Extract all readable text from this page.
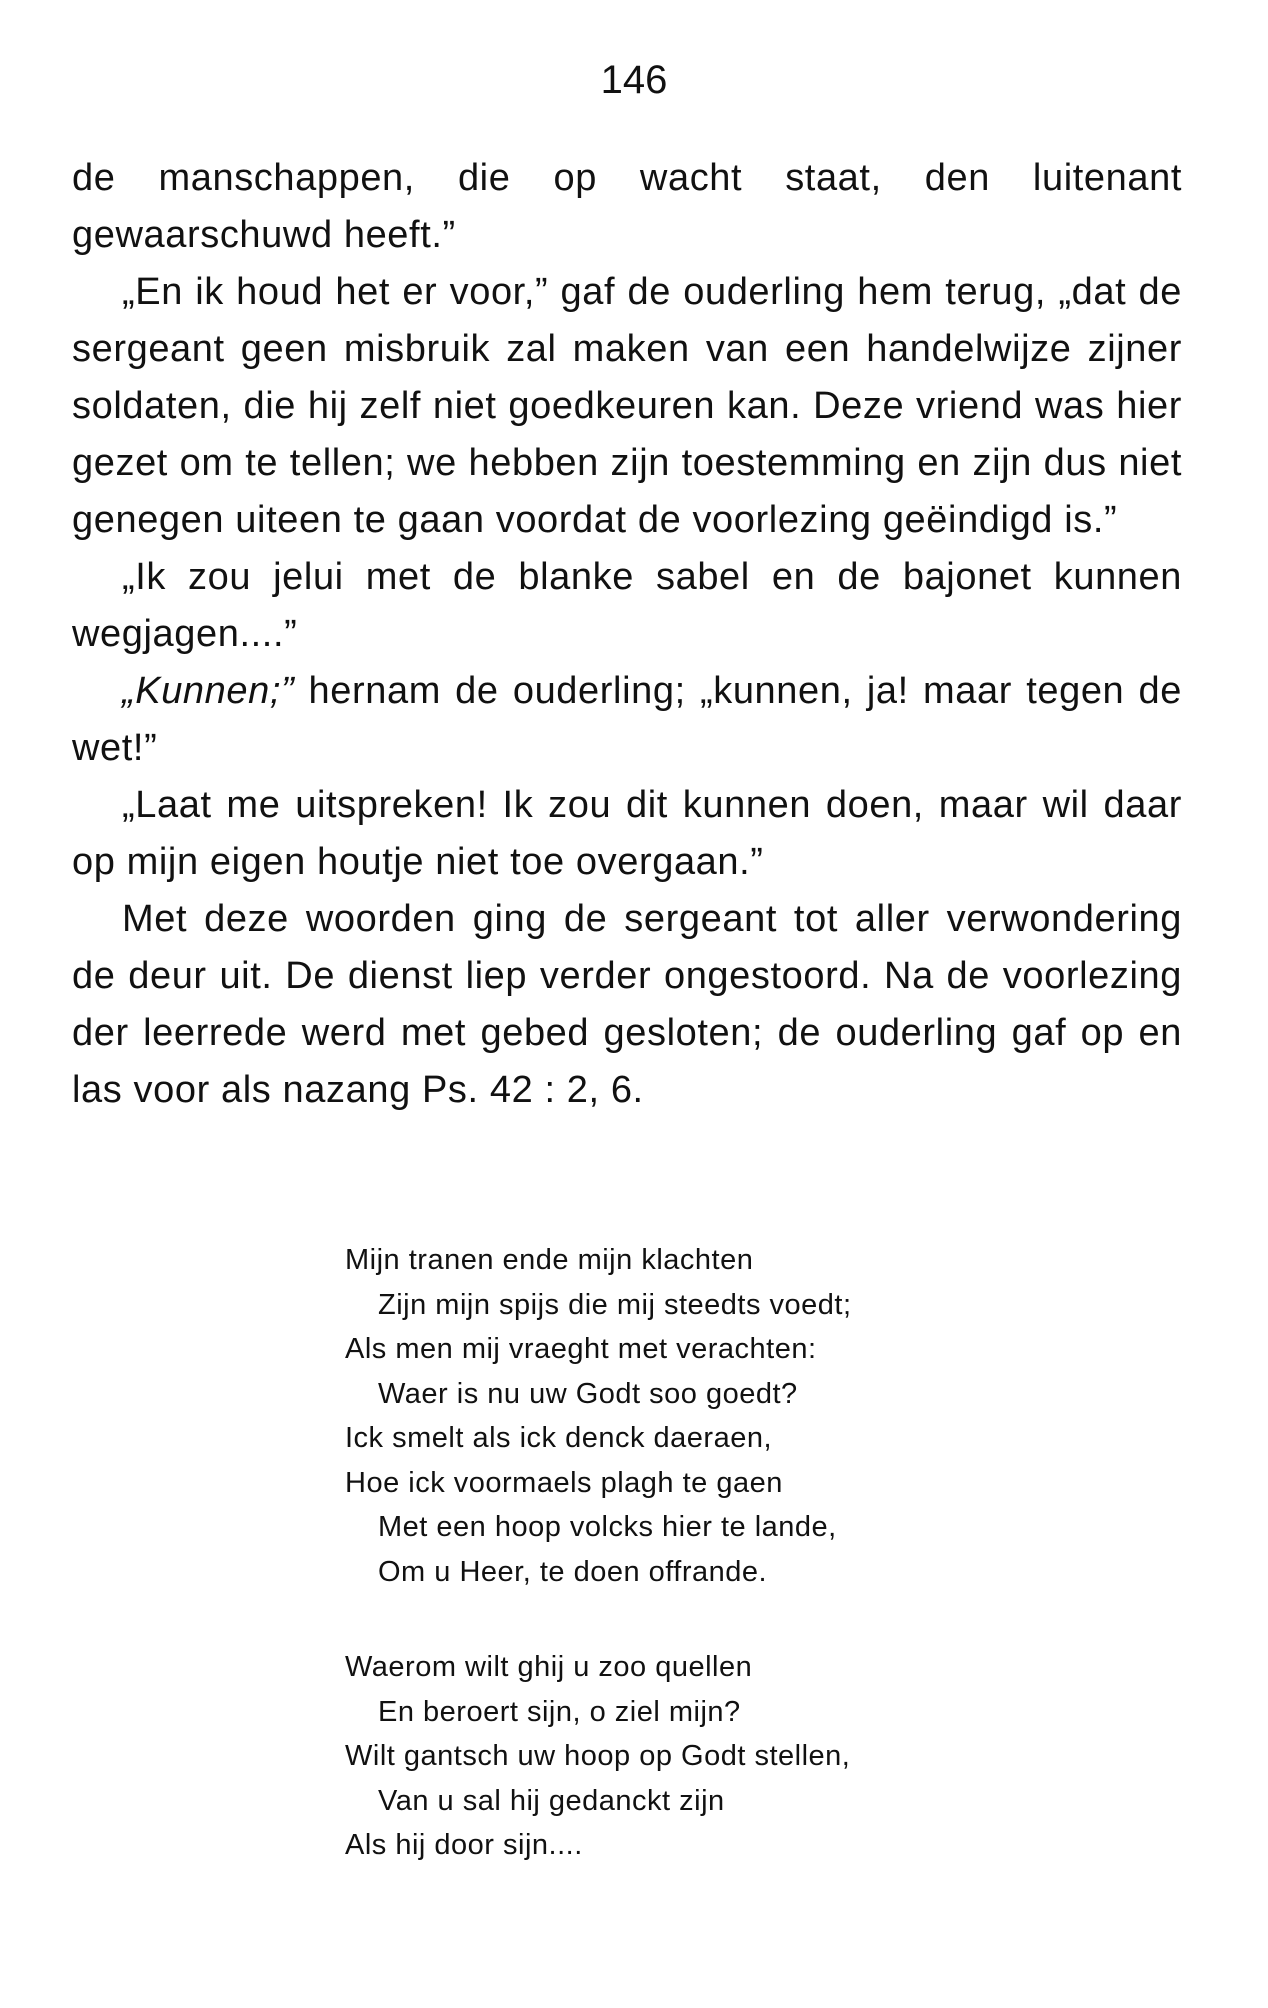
146

de manschappen, die op wacht staat, den luitenant gewaarschuwd heeft.”

„En ik houd het er voor,” gaf de ouderling hem terug, „dat de sergeant geen misbruik zal maken van een handelwijze zijner soldaten, die hij zelf niet goedkeuren kan. Deze vriend was hier gezet om te tellen; we hebben zijn toestemming en zijn dus niet genegen uiteen te gaan voordat de voorlezing geëindigd is.”

„Ik zou jelui met de blanke sabel en de bajonet kunnen wegjagen....”

„Kunnen;” hernam de ouderling; „kunnen, ja! maar tegen de wet!”

„Laat me uitspreken! Ik zou dit kunnen doen, maar wil daar op mijn eigen houtje niet toe overgaan.”

Met deze woorden ging de sergeant tot aller verwondering de deur uit. De dienst liep verder ongestoord. Na de voorlezing der leerrede werd met gebed gesloten; de ouderling gaf op en las voor als nazang Ps. 42 : 2, 6.

Mijn tranen ende mijn klachten
Zijn mijn spijs die mij steedts voedt;
Als men mij vraeght met verachten:
Waer is nu uw Godt soo goedt?
Ick smelt als ick denck daeraen,
Hoe ick voormaels plagh te gaen
Met een hoop volcks hier te lande,
Om u Heer, te doen offrande.
Waerom wilt ghij u zoo quellen
En beroert sijn, o ziel mijn?
Wilt gantsch uw hoop op Godt stellen,
Van u sal hij gedanckt zijn
Als hij door sijn....
